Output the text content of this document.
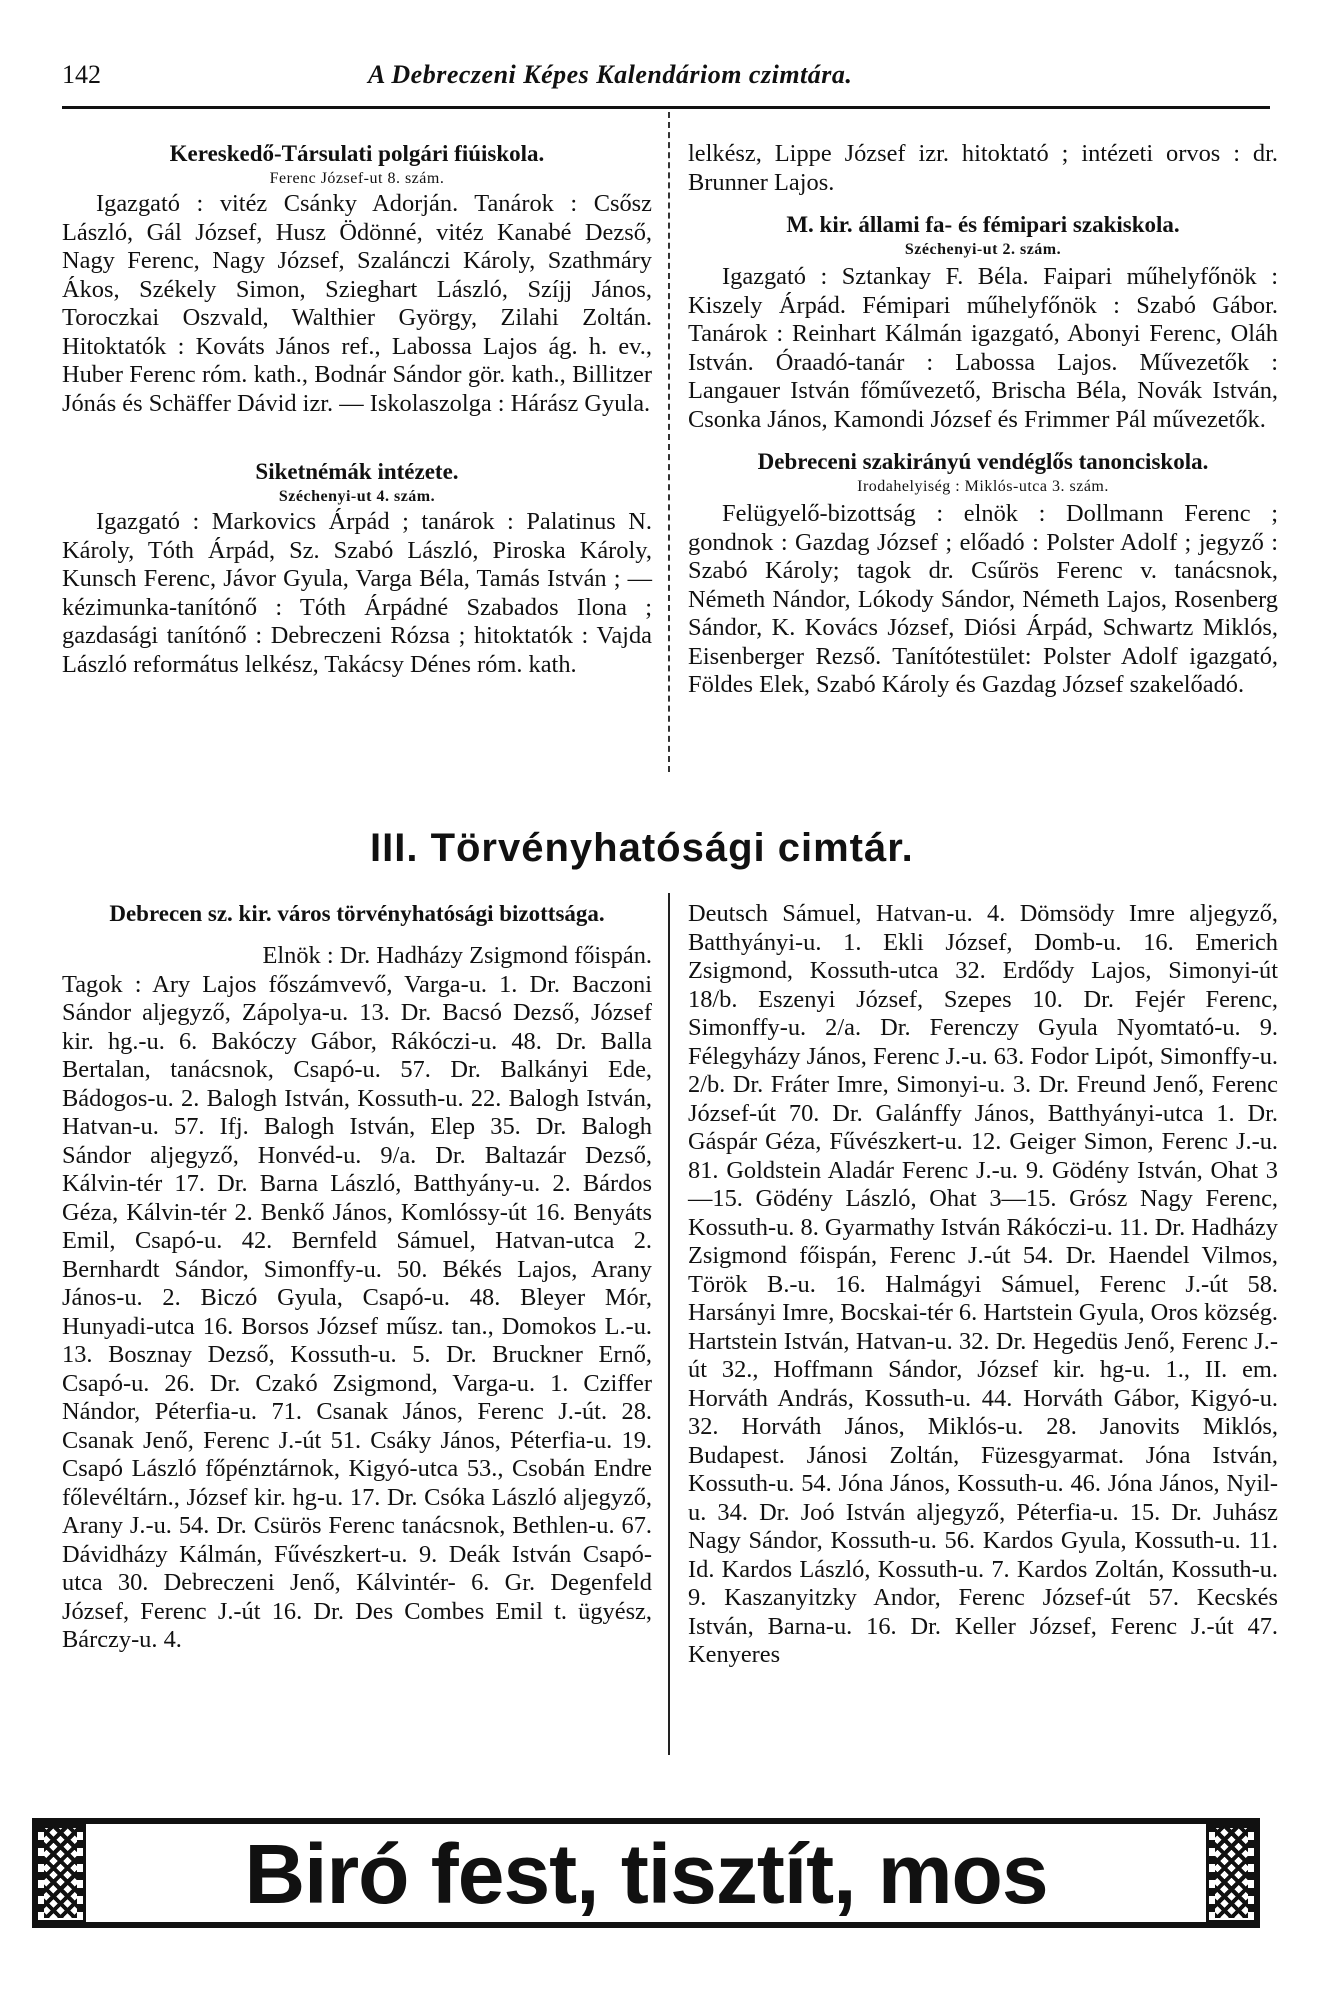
142	A Debreczeni Képes Kalendáriom czimtára.
Kereskedő-Társulati polgári fiúiskola.

Ferenc József-ut 8. szám.

Igazgató : vitéz Csánky Adorján. Tanárok : Csősz László, Gál József, Husz Ödönné, vitéz Kanabé Dezső, Nagy Ferenc, Nagy József, Szalánczi Károly, Szathmáry Ákos, Székely Simon, Szieghart László, Szíjj János, Toroczkai Oszvald, Walthier György, Zilahi Zoltán. Hitoktatók : Kováts János ref., Labossa Lajos ág. h. ev., Huber Ferenc róm. kath., Bodnár Sándor gör. kath., Billitzer Jónás és Schäffer Dávid izr. — Iskolaszolga : Hárász Gyula.

Siketnémák intézete.

Széchenyi-ut 4. szám.

Igazgató : Markovics Árpád ; tanárok : Palatinus N. Károly, Tóth Árpád, Sz. Szabó László, Piroska Károly, Kunsch Ferenc, Jávor Gyula, Varga Béla, Tamás István ; — kézimunka-tanítónő : Tóth Árpádné Szabados Ilona ; gazdasági tanítónő : Debreczeni Rózsa ; hitoktatók : Vajda László református lelkész, Takácsy Dénes róm. kath.

lelkész, Lippe József izr. hitoktató ; intézeti orvos : dr. Brunner Lajos.

M. kir. állami fa- és fémipari szakiskola.

Széchenyi-ut 2. szám.

Igazgató : Sztankay F. Béla. Faipari műhelyfőnök : Kiszely Árpád. Fémipari műhelyfőnök : Szabó Gábor. Tanárok : Reinhart Kálmán igazgató, Abonyi Ferenc, Oláh István. Óraadó-tanár : Labossa Lajos. Művezetők : Langauer István főművezető, Brischa Béla, Novák István, Csonka János, Kamondi József és Frimmer Pál művezetők.

Debreceni szakirányú vendéglős tanonciskola.

Irodahelyiség : Miklós-utca 3. szám.

Felügyelő-bizottság : elnök : Dollmann Ferenc ; gondnok : Gazdag József ; előadó : Polster Adolf ; jegyző : Szabó Károly; tagok dr. Csűrös Ferenc v. tanácsnok, Németh Nándor, Lókody Sándor, Németh Lajos, Rosenberg Sándor, K. Kovács József, Diósi Árpád, Schwartz Miklós, Eisenberger Rezső. Tanítótestület: Polster Adolf igazgató, Földes Elek, Szabó Károly és Gazdag József szakelőadó.

III. Törvényhatósági cimtár.
Debrecen sz. kir. város törvényhatósági bizottsága.

Elnök : Dr. Hadházy Zsigmond főispán.

Tagok : Ary Lajos főszámvevő, Varga-u. 1. Dr. Baczoni Sándor aljegyző, Zápolya-u. 13. Dr. Bacsó Dezső, József kir. hg.-u. 6. Bakóczy Gábor, Rákóczi-u. 48. Dr. Balla Bertalan, tanácsnok, Csapó-u. 57. Dr. Balkányi Ede, Bádogos-u. 2. Balogh István, Kossuth-u. 22. Balogh István, Hatvan-u. 57. Ifj. Balogh István, Elep 35. Dr. Balogh Sándor aljegyző, Honvéd-u. 9/a. Dr. Baltazár Dezső, Kálvin-tér 17. Dr. Barna László, Batthyány-u. 2. Bárdos Géza, Kálvin-tér 2. Benkő János, Komlóssy-út 16. Benyáts Emil, Csapó-u. 42. Bernfeld Sámuel, Hatvan-utca 2. Bernhardt Sándor, Simonffy-u. 50. Békés Lajos, Arany János-u. 2. Biczó Gyula, Csapó-u. 48. Bleyer Mór, Hunyadi-utca 16. Borsos József műsz. tan., Domokos L.-u. 13. Bosznay Dezső, Kossuth-u. 5. Dr. Bruckner Ernő, Csapó-u. 26. Dr. Czakó Zsigmond, Varga-u. 1. Cziffer Nándor, Péterfia-u. 71. Csanak János, Ferenc J.-út. 28. Csanak Jenő, Ferenc J.-út 51. Csáky János, Péterfia-u. 19. Csapó László főpénztárnok, Kigyó-utca 53., Csobán Endre főlevéltárn., József kir. hg-u. 17. Dr. Csóka László aljegyző, Arany J.-u. 54. Dr. Csürös Ferenc tanácsnok, Bethlen-u. 67. Dávidházy Kálmán, Fűvészkert-u. 9. Deák István Csapó-utca 30. Debreczeni Jenő, Kálvintér- 6. Gr. Degenfeld József, Ferenc J.-út 16. Dr. Des Combes Emil t. ügyész, Bárczy-u. 4.

Deutsch Sámuel, Hatvan-u. 4. Dömsödy Imre aljegyző, Batthyányi-u. 1. Ekli József, Domb-u. 16. Emerich Zsigmond, Kossuth-utca 32. Erdődy Lajos, Simonyi-út 18/b. Eszenyi József, Szepes 10. Dr. Fejér Ferenc, Simonffy-u. 2/a. Dr. Ferenczy Gyula Nyomtató-u. 9. Félegyházy János, Ferenc J.-u. 63. Fodor Lipót, Simonffy-u. 2/b. Dr. Fráter Imre, Simonyi-u. 3. Dr. Freund Jenő, Ferenc József-út 70. Dr. Galánffy János, Batthyányi-utca 1. Dr. Gáspár Géza, Fűvészkert-u. 12. Geiger Simon, Ferenc J.-u. 81. Goldstein Aladár Ferenc J.-u. 9. Gödény István, Ohat 3—15. Gödény László, Ohat 3—15. Grósz Nagy Ferenc, Kossuth-u. 8. Gyarmathy István Rákóczi-u. 11. Dr. Hadházy Zsigmond főispán, Ferenc J.-út 54. Dr. Haendel Vilmos, Török B.-u. 16. Halmágyi Sámuel, Ferenc J.-út 58. Harsányi Imre, Bocskai-tér 6. Hartstein Gyula, Oros község. Hartstein István, Hatvan-u. 32. Dr. Hegedüs Jenő, Ferenc J.-út 32., Hoffmann Sándor, József kir. hg-u. 1., II. em. Horváth András, Kossuth-u. 44. Horváth Gábor, Kigyó-u. 32. Horváth János, Miklós-u. 28. Janovits Miklós, Budapest. Jánosi Zoltán, Füzesgyarmat. Jóna István, Kossuth-u. 54. Jóna János, Kossuth-u. 46. Jóna János, Nyil-u. 34. Dr. Joó István aljegyző, Péterfia-u. 15. Dr. Juhász Nagy Sándor, Kossuth-u. 56. Kardos Gyula, Kossuth-u. 11. Id. Kardos László, Kossuth-u. 7. Kardos Zoltán, Kossuth-u. 9. Kaszanyitzky Andor, Ferenc József-út 57. Kecskés István, Barna-u. 16. Dr. Keller József, Ferenc J.-út 47. Kenyeres

Biró fest, tisztít, mos
